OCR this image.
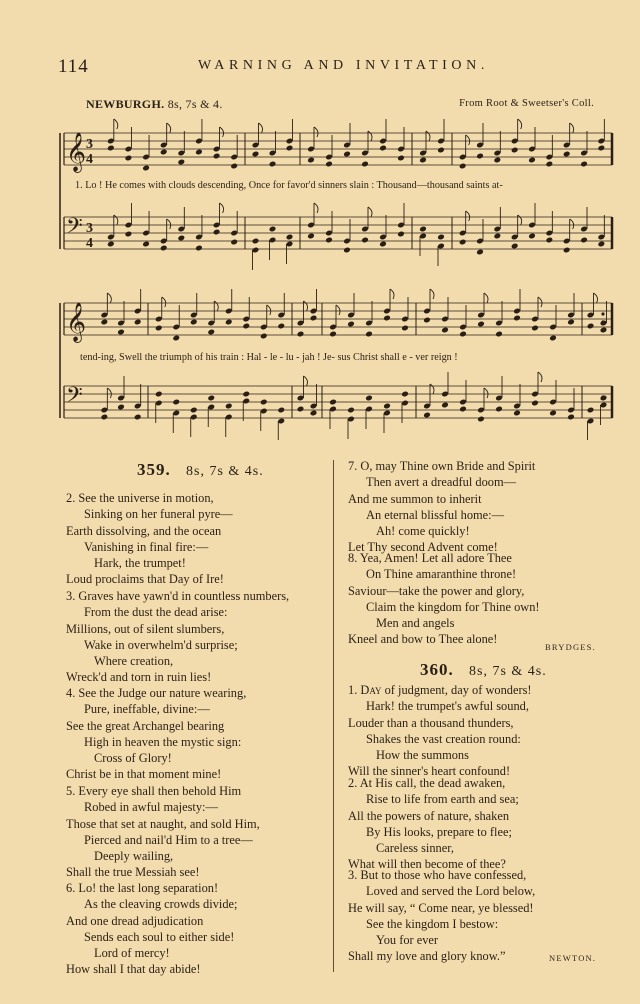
114	WARNING AND INVITATION.
NEWBURGH. 8s, 7s & 4.	From Root & Sweetser's Coll.
𝄞 3
4
𝄢 3
4
𝄞
𝄢
1. Lo ! He comes with clouds descending, Once for favor'd sinners slain : Thousand—thousand saints at-
tend-ing, Swell the triumph of his train : Hal - le - lu - jah ! Je- sus Christ shall e - ver reign !
359. 8s, 7s & 4s.
2. See the universe in motion,
Sinking on her funeral pyre—
Earth dissolving, and the ocean
Vanishing in final fire:—
Hark, the trumpet!
Loud proclaims that Day of Ire!
3. Graves have yawn'd in countless numbers,
From the dust the dead arise:
Millions, out of silent slumbers,
Wake in overwhelm'd surprise;
Where creation,
Wreck'd and torn in ruin lies!
4. See the Judge our nature wearing,
Pure, ineffable, divine:—
See the great Archangel bearing
High in heaven the mystic sign:
Cross of Glory!
Christ be in that moment mine!
5. Every eye shall then behold Him
Robed in awful majesty:—
Those that set at naught, and sold Him,
Pierced and nail'd Him to a tree—
Deeply wailing,
Shall the true Messiah see!
6. Lo! the last long separation!
As the cleaving crowds divide;
And one dread adjudication
Sends each soul to either side!
Lord of mercy!
How shall I that day abide!
7. O, may Thine own Bride and Spirit
Then avert a dreadful doom—
And me summon to inherit
An eternal blissful home:—
Ah! come quickly!
Let Thy second Advent come!
8. Yea, Amen! Let all adore Thee
On Thine amaranthine throne!
Saviour—take the power and glory,
Claim the kingdom for Thine own!
Men and angels
Kneel and bow to Thee alone!
BRYDGES.
360. 8s, 7s & 4s.
1. Day of judgment, day of wonders!
Hark! the trumpet's awful sound,
Louder than a thousand thunders,
Shakes the vast creation round:
How the summons
Will the sinner's heart confound!
2. At His call, the dead awaken,
Rise to life from earth and sea;
All the powers of nature, shaken
By His looks, prepare to flee;
Careless sinner,
What will then become of thee?
3. But to those who have confessed,
Loved and served the Lord below,
He will say, “ Come near, ye blessed!
See the kingdom I bestow:
You for ever
Shall my love and glory know.”	NEWTON.
